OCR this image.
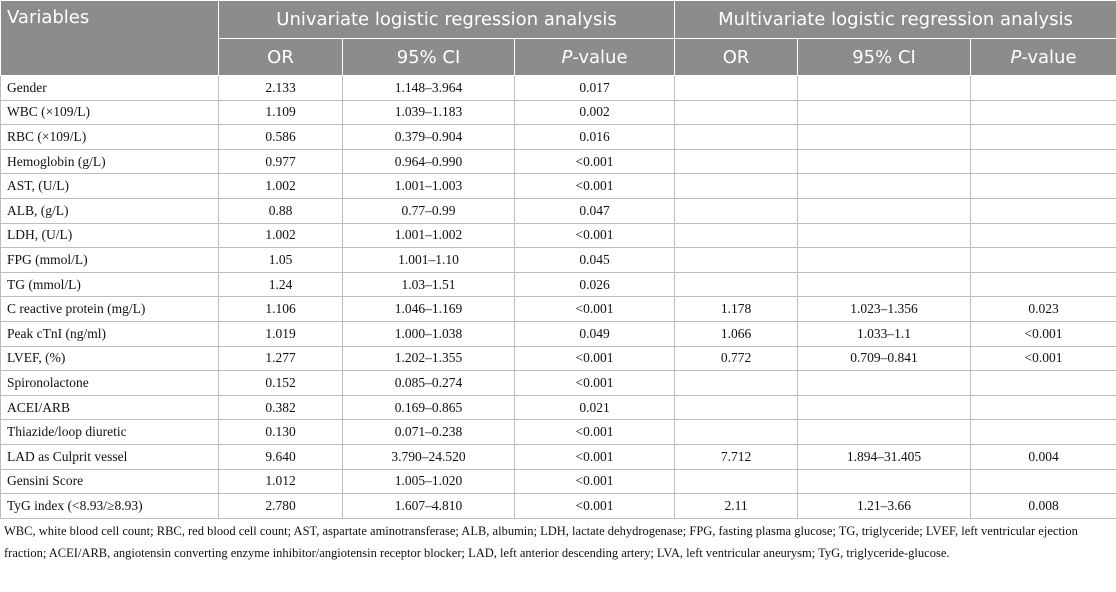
Variables	Univariate logistic regression analysis			Multivariate logistic regression analysis		
	OR	95% CI	P-value	OR	95% CI	P-value
Gender	2.133	1.148–3.964	0.017			
WBC (×109/L)	1.109	1.039–1.183	0.002			
RBC (×109/L)	0.586	0.379–0.904	0.016			
Hemoglobin (g/L)	0.977	0.964–0.990	<0.001			
AST, (U/L)	1.002	1.001–1.003	<0.001			
ALB, (g/L)	0.88	0.77–0.99	0.047			
LDH, (U/L)	1.002	1.001–1.002	<0.001			
FPG (mmol/L)	1.05	1.001–1.10	0.045			
TG (mmol/L)	1.24	1.03–1.51	0.026			
C reactive protein (mg/L)	1.106	1.046–1.169	<0.001	1.178	1.023–1.356	0.023
Peak cTnI (ng/ml)	1.019	1.000–1.038	0.049	1.066	1.033–1.1	<0.001
LVEF, (%)	1.277	1.202–1.355	<0.001	0.772	0.709–0.841	<0.001
Spironolactone	0.152	0.085–0.274	<0.001			
ACEI/ARB	0.382	0.169–0.865	0.021			
Thiazide/loop diuretic	0.130	0.071–0.238	<0.001			
LAD as Culprit vessel	9.640	3.790–24.520	<0.001	7.712	1.894–31.405	0.004
Gensini Score	1.012	1.005–1.020	<0.001			
TyG index (<8.93/≥8.93)	2.780	1.607–4.810	<0.001	2.11	1.21–3.66	0.008

WBC, white blood cell count; RBC, red blood cell count; AST, aspartate aminotransferase; ALB, albumin; LDH, lactate dehydrogenase; FPG, fasting plasma glucose; TG, triglyceride; LVEF, left ventricular ejection fraction; ACEI/ARB, angiotensin converting enzyme inhibitor/angiotensin receptor blocker; LAD, left anterior descending artery; LVA, left ventricular aneurysm; TyG, triglyceride-glucose.
